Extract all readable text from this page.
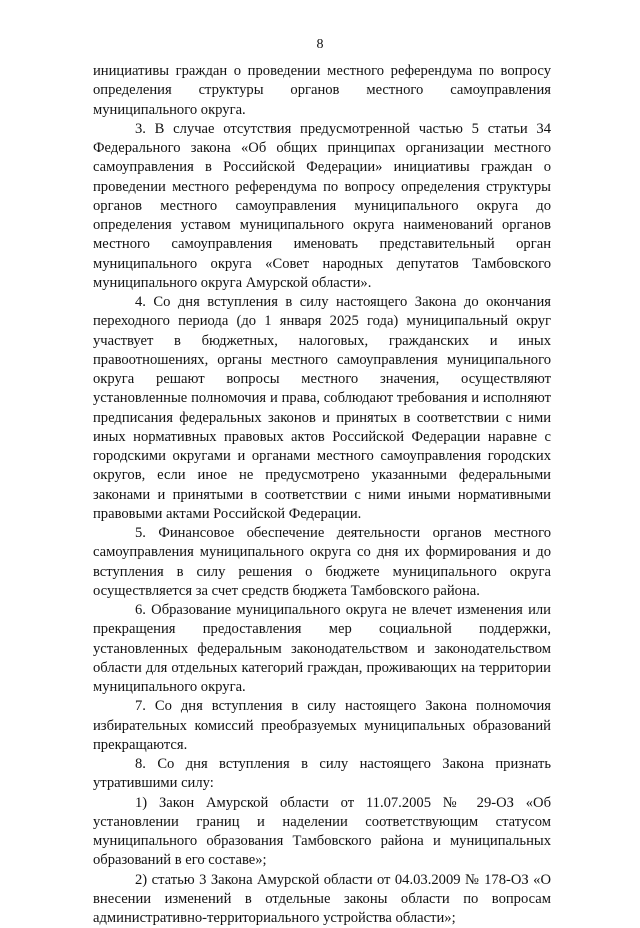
8

инициативы граждан о проведении местного референдума по вопросу определения структуры органов местного самоуправления муниципального округа.

3. В случае отсутствия предусмотренной частью 5 статьи 34 Федерального закона «Об общих принципах организации местного самоуправления в Российской Федерации» инициативы граждан о проведении местного референдума по вопросу определения структуры органов местного самоуправления муниципального округа до определения уставом муниципального округа наименований органов местного самоуправления именовать представительный орган муниципального округа «Совет народных депутатов Тамбовского муниципального округа Амурской области».

4. Со дня вступления в силу настоящего Закона до окончания переходного периода (до 1 января 2025 года) муниципальный округ участвует в бюджетных, налоговых, гражданских и иных правоотношениях, органы местного самоуправления муниципального округа решают вопросы местного значения, осуществляют установленные полномочия и права, соблюдают требования и исполняют предписания федеральных законов и принятых в соответствии с ними иных нормативных правовых актов Российской Федерации наравне с городскими округами и органами местного самоуправления городских округов, если иное не предусмотрено указанными федеральными законами и принятыми в соответствии с ними иными нормативными правовыми актами Российской Федерации.

5. Финансовое обеспечение деятельности органов местного самоуправления муниципального округа со дня их формирования и до вступления в силу решения о бюджете муниципального округа осуществляется за счет средств бюджета Тамбовского района.

6. Образование муниципального округа не влечет изменения или прекращения предоставления мер социальной поддержки, установленных федеральным законодательством и законодательством области для отдельных категорий граждан, проживающих на территории муниципального округа.

7. Со дня вступления в силу настоящего Закона полномочия избирательных комиссий преобразуемых муниципальных образований прекращаются.

8. Со дня вступления в силу настоящего Закона признать утратившими силу:

1) Закон Амурской области от 11.07.2005 № 29-ОЗ «Об установлении границ и наделении соответствующим статусом муниципального образования Тамбовского района и муниципальных образований в его составе»;

2) статью 3 Закона Амурской области от 04.03.2009 № 178-ОЗ «О внесении изменений в отдельные законы области по вопросам административно-территориального устройства области»;
